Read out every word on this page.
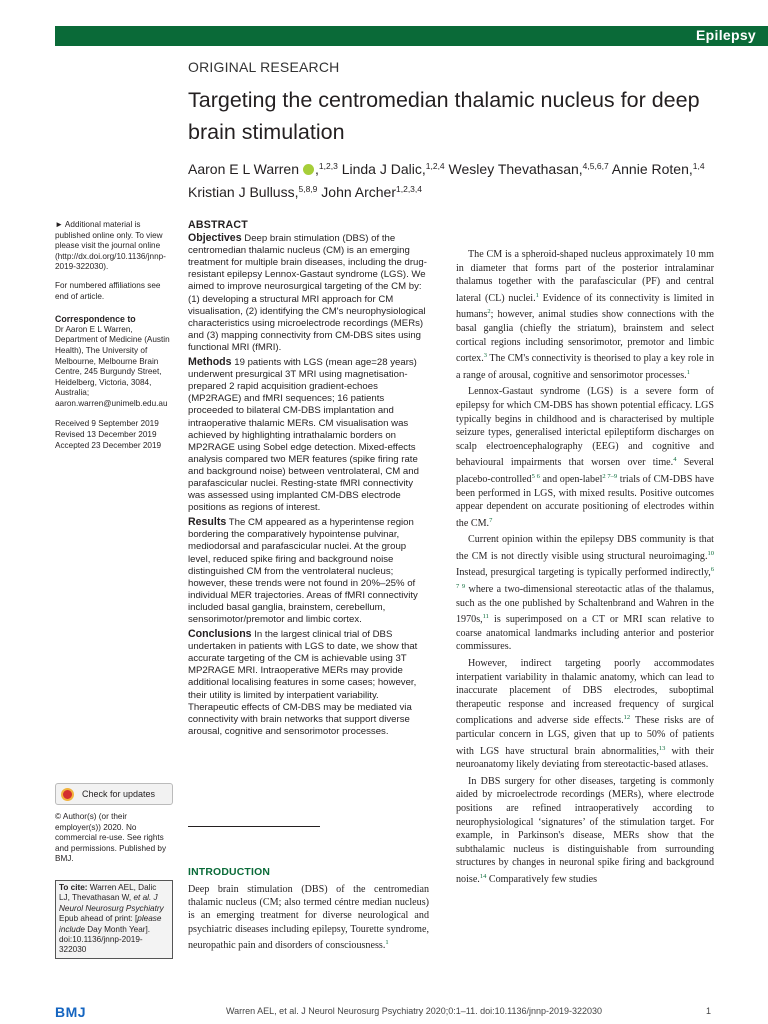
Epilepsy
ORIGINAL RESEARCH
Targeting the centromedian thalamic nucleus for deep brain stimulation
Aaron E L Warren ,$^{1,2,3}$ Linda J Dalic,$^{1,2,4}$ Wesley Thevathasan,$^{4,5,6,7}$ Annie Roten,$^{1,4}$
Kristian J Bulluss,$^{5,8,9}$ John Archer$^{1,2,3,4}$

► Additional material is published online only. To view please visit the journal online (http://dx.doi.org/10.1136/jnnp-2019-322030).

For numbered affiliations see end of article.

Correspondence to

Dr Aaron E L Warren, Department of Medicine (Austin Health), The University of Melbourne, Melbourne Brain Centre, 245 Burgundy Street, Heidelberg, Victoria, 3084, Australia; aaron.warren@unimelb.edu.au

Received 9 September 2019
Revised 13 December 2019
Accepted 23 December 2019
Check for updates
© Author(s) (or their employer(s)) 2020. No commercial re-use. See rights and permissions. Published by BMJ.
To cite: Warren AEL, Dalic LJ, Thevathasan W, et al. J Neurol Neurosurg Psychiatry Epub ahead of print: [please include Day Month Year]. doi:10.1136/jnnp-2019-322030
ABSTRACT
Objectives Deep brain stimulation (DBS) of the centromedian thalamic nucleus (CM) is an emerging treatment for multiple brain diseases, including the drug-resistant epilepsy Lennox-Gastaut syndrome (LGS). We aimed to improve neurosurgical targeting of the CM by: (1) developing a structural MRI approach for CM visualisation, (2) identifying the CM's neurophysiological characteristics using microelectrode recordings (MERs) and (3) mapping connectivity from CM-DBS sites using functional MRI (fMRI).
Methods 19 patients with LGS (mean age=28 years) underwent presurgical 3T MRI using magnetisation-prepared 2 rapid acquisition gradient-echoes (MP2RAGE) and fMRI sequences; 16 patients proceeded to bilateral CM-DBS implantation and intraoperative thalamic MERs. CM visualisation was achieved by highlighting intrathalamic borders on MP2RAGE using Sobel edge detection. Mixed-effects analysis compared two MER features (spike firing rate and background noise) between ventrolateral, CM and parafascicular nuclei. Resting-state fMRI connectivity was assessed using implanted CM-DBS electrode positions as regions of interest.
Results The CM appeared as a hyperintense region bordering the comparatively hypointense pulvinar, mediodorsal and parafascicular nuclei. At the group level, reduced spike firing and background noise distinguished CM from the ventrolateral nucleus; however, these trends were not found in 20%–25% of individual MER trajectories. Areas of fMRI connectivity included basal ganglia, brainstem, cerebellum, sensorimotor/premotor and limbic cortex.
Conclusions In the largest clinical trial of DBS undertaken in patients with LGS to date, we show that accurate targeting of the CM is achievable using 3T MP2RAGE MRI. Intraoperative MERs may provide additional localising features in some cases; however, their utility is limited by interpatient variability. Therapeutic effects of CM-DBS may be mediated via connectivity with brain networks that support diverse arousal, cognitive and sensorimotor processes.
INTRODUCTION
Deep brain stimulation (DBS) of the centromedian thalamic nucleus (CM; also termed céntre median nucleus) is an emerging treatment for diverse neurological and psychiatric diseases including epilepsy, Tourette syndrome, neuropathic pain and disorders of consciousness.$^1$

The CM is a spheroid-shaped nucleus approximately 10 mm in diameter that forms part of the posterior intralaminar thalamus together with the parafascicular (PF) and central lateral (CL) nuclei.$^1$ Evidence of its connectivity is limited in humans$^2$; however, animal studies show connections with the basal ganglia (chiefly the striatum), brainstem and select cortical regions including sensorimotor, premotor and limbic cortex.$^3$ The CM's connectivity is theorised to play a key role in a range of arousal, cognitive and sensorimotor processes.$^1$

Lennox-Gastaut syndrome (LGS) is a severe form of epilepsy for which CM-DBS has shown potential efficacy. LGS typically begins in childhood and is characterised by multiple seizure types, generalised interictal epileptiform discharges on scalp electroencephalography (EEG) and cognitive and behavioural impairments that worsen over time.$^4$ Several placebo-controlled$^{5 6}$ and open-label$^{2 7-9}$ trials of CM-DBS have been performed in LGS, with mixed results. Positive outcomes appear dependent on accurate positioning of electrodes within the CM.$^7$

Current opinion within the epilepsy DBS community is that the CM is not directly visible using structural neuroimaging.$^{10}$ Instead, presurgical targeting is typically performed indirectly,$^{6 7 9}$ where a two-dimensional stereotactic atlas of the thalamus, such as the one published by Schaltenbrand and Wahren in the 1970s,$^{11}$ is superimposed on a CT or MRI scan relative to coarse anatomical landmarks including anterior and posterior commissures.

However, indirect targeting poorly accommodates interpatient variability in thalamic anatomy, which can lead to inaccurate placement of DBS electrodes, suboptimal therapeutic response and increased frequency of surgical complications and adverse side effects.$^{12}$ These risks are of particular concern in LGS, given that up to 50% of patients with LGS have structural brain abnormalities,$^{13}$ with their neuroanatomy likely deviating from stereotactic-based atlases.

In DBS surgery for other diseases, targeting is commonly aided by microelectrode recordings (MERs), where electrode positions are refined intraoperatively according to neurophysiological ‘signatures’ of the stimulation target. For example, in Parkinson's disease, MERs show that the subthalamic nucleus is distinguishable from surrounding structures by changes in neuronal spike firing and background noise.$^{14}$ Comparatively few studies

BMJ	Warren AEL, et al. J Neurol Neurosurg Psychiatry 2020;0:1–11. doi:10.1136/jnnp-2019-322030	1
